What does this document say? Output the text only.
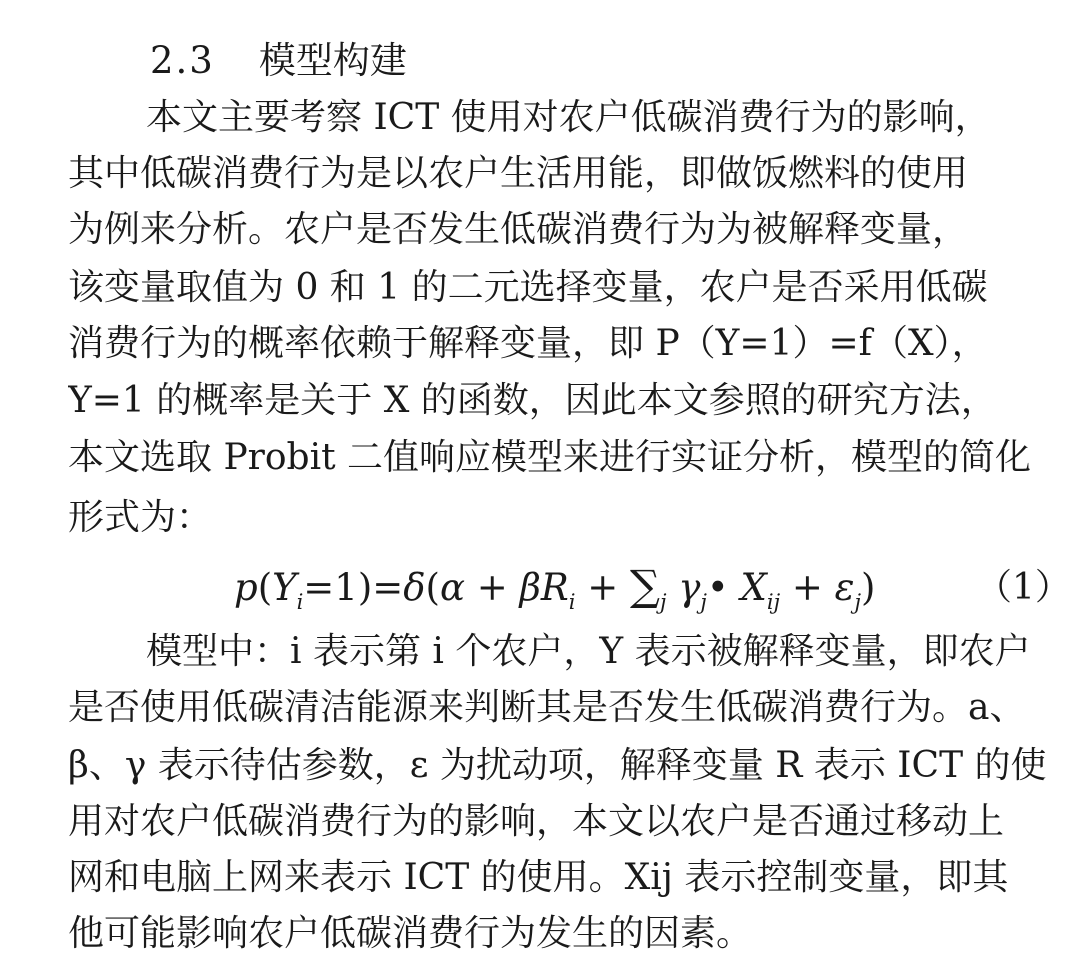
2.3 模型构建
本文主要考察 ICT 使用对农户低碳消费行为的影响，
其中低碳消费行为是以农户生活用能，即做饭燃料的使用
为例来分析。农户是否发生低碳消费行为为被解释变量，
该变量取值为 0 和 1 的二元选择变量，农户是否采用低碳
消费行为的概率依赖于解释变量，即 P（Y=1）=f（X），
Y=1 的概率是关于 X 的函数，因此本文参照的研究方法，
本文选取 Probit 二值响应模型来进行实证分析，模型的简化
形式为：
$p(Y_i=1)=\delta(\alpha + \beta R_i + \sum_j$ $\gamma_j•$ $X_{ij} + \varepsilon_j$)	（1）
模型中：i 表示第 i 个农户，Y 表示被解释变量，即农户
是否使用低碳清洁能源来判断其是否发生低碳消费行为。a、
β、γ 表示待估参数，ε 为扰动项，解释变量 R 表示 ICT 的使
用对农户低碳消费行为的影响，本文以农户是否通过移动上
网和电脑上网来表示 ICT 的使用。Xij 表示控制变量，即其
他可能影响农户低碳消费行为发生的因素。
